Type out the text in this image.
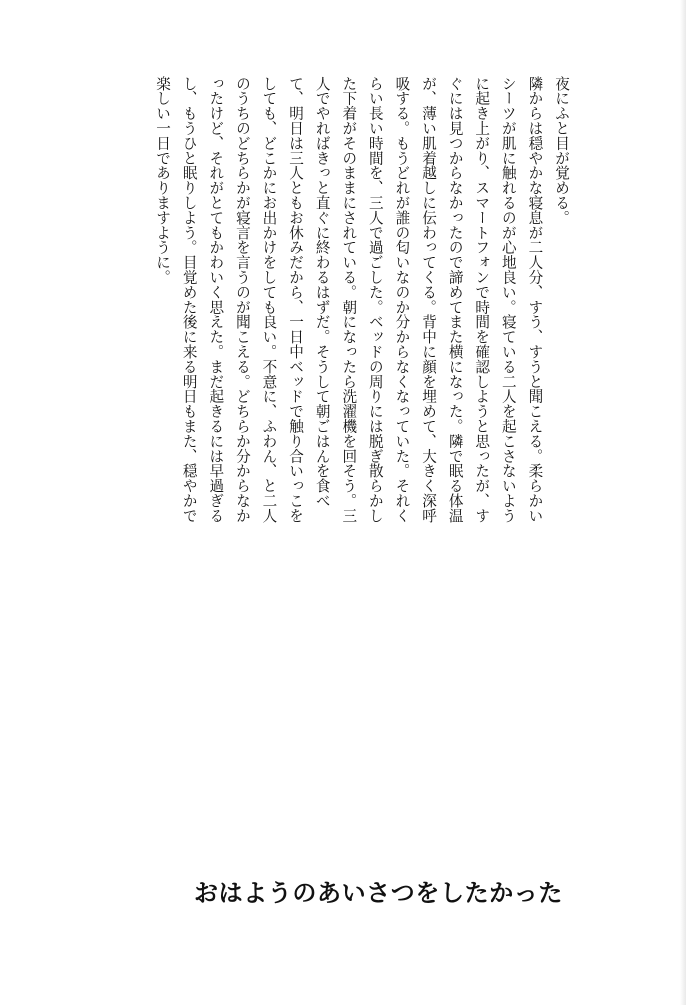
夜にふと目が覚める。

隣からは穏やかな寝息が二人分、すう、すうと聞こえる。柔らかいシーツが肌に触れるのが心地良い。寝ている二人を起こさないように起き上がり、スマートフォンで時間を確認しようと思ったが、すぐには見つからなかったので諦めてまた横になった。隣で眠る体温が、薄い肌着越しに伝わってくる。背中に顔を埋めて、大きく深呼吸する。もうどれが誰の匂いなのか分からなくなっていた。それくらい長い時間を、三人で過ごした。ベッドの周りには脱ぎ散らかした下着がそのままにされている。朝になったら洗濯機を回そう。三人でやればきっと直ぐに終わるはずだ。そうして朝ごはんを食べて、明日は三人ともお休みだから、一日中ベッドで触り合いっこをしても、どこかにお出かけをしても良い。不意に、ふわん、と二人のうちのどちらかが寝言を言うのが聞こえる。どちらか分からなかったけど、それがとてもかわいく思えた。まだ起きるには早過ぎるし、もうひと眠りしよう。目覚めた後に来る明日もまた、穏やかで楽しい一日でありますように。

おはようのあいさつをしたかった
